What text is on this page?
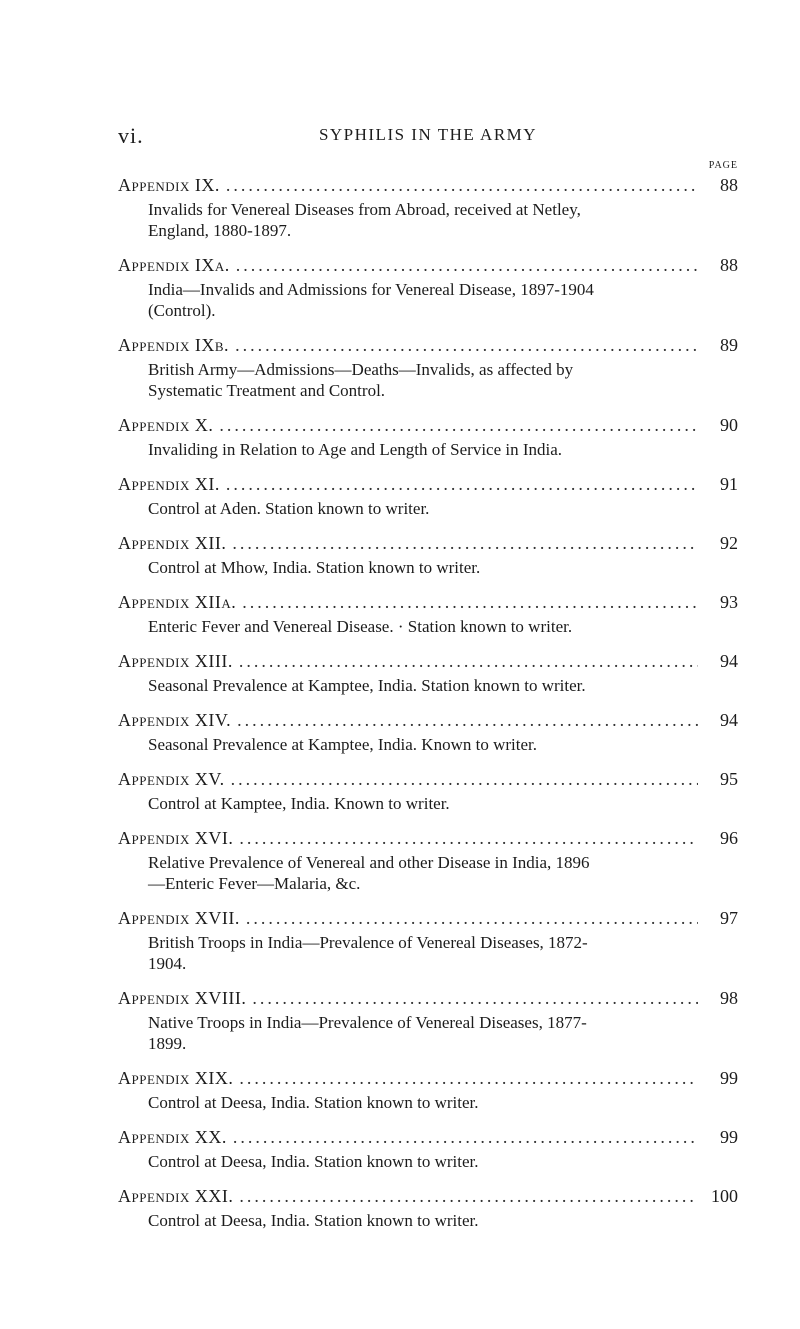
vi.	SYPHILIS IN THE ARMY
PAGE
Appendix IX. .....	88
Invalids for Venereal Diseases from Abroad, received at Netley,
England, 1880-1897.
Appendix IXa. .....	88
India—Invalids and Admissions for Venereal Disease, 1897-1904
(Control).
Appendix IXb. .....	89
British Army—Admissions—Deaths—Invalids, as affected by
Systematic Treatment and Control.
Appendix X. .....	90
Invaliding in Relation to Age and Length of Service in India.
Appendix XI. .....	91
Control at Aden. Station known to writer.
Appendix XII. .....	92
Control at Mhow, India. Station known to writer.
Appendix XIIa. .....	93
Enteric Fever and Venereal Disease. · Station known to writer.
Appendix XIII. .....	94
Seasonal Prevalence at Kamptee, India. Station known to writer.
Appendix XIV. .....	94
Seasonal Prevalence at Kamptee, India. Known to writer.
Appendix XV. .....	95
Control at Kamptee, India. Known to writer.
Appendix XVI. .....	96
Relative Prevalence of Venereal and other Disease in India, 1896
—Enteric Fever—Malaria, &c.
Appendix XVII. .....	97
British Troops in India—Prevalence of Venereal Diseases, 1872-
1904.
Appendix XVIII. .....	98
Native Troops in India—Prevalence of Venereal Diseases, 1877-
1899.
Appendix XIX. .....	99
Control at Deesa, India. Station known to writer.
Appendix XX. .....	99
Control at Deesa, India. Station known to writer.
Appendix XXI. .....	100
Control at Deesa, India. Station known to writer.
